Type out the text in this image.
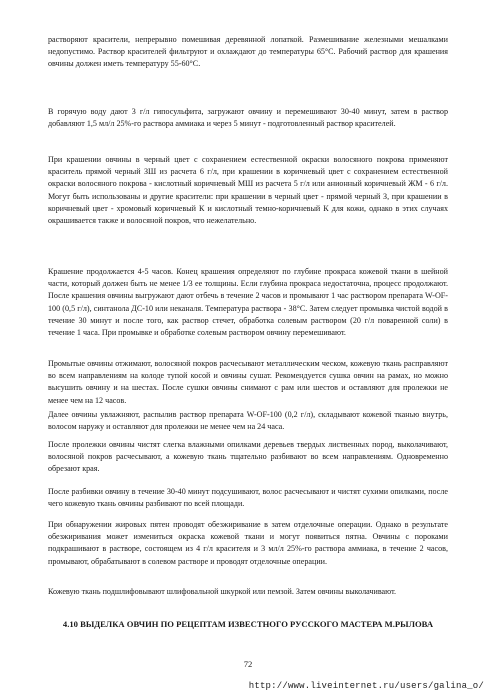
растворяют красители, непрерывно помешивая деревянной лопаткой. Размешивание железными мешалками недопустимо. Раствор красителей фильтруют и охлаждают до температуры 65°С. Рабочий раствор для крашения овчины должен иметь температуру 55-60°С.

В горячую воду дают 3 г/л гипосульфита, загружают овчину и перемешивают 30-40 минут, затем в раствор добавляют 1,5 мл/л 25%-го раствора аммиака и через 5 минут - подготовленный раствор красителей.

При крашении овчины в черный цвет с сохранением естественной окраски волосяного покрова применяют краситель прямой черный ЗШ из расчета 6 г/л, при крашении в коричневый цвет с сохранением естественной окраски волосяного покрова - кислотный коричневый МШ из расчета 5 г/л или анионный коричневый ЖМ - 6 г/л. Могут быть использованы и другие красители: при крашении в черный цвет - прямой черный З, при крашении в коричневый цвет - хромовый коричневый К и кислотный темно-коричневый К для кожи, однако в этих случаях окрашивается также и волосяной покров, что нежелательно.

Крашение продолжается 4-5 часов. Конец крашения определяют по глубине прокраса кожевой ткани в шейной части, который должен быть не менее 1/3 ее толщины. Если глубина прокраса недостаточна, процесс продолжают. После крашения овчины выгружают дают отбечь в течение 2 часов и промывают 1 час раствором препарата W-OF-100 (0,5 г/л), синтанола ДС-10 или неканаля. Температура раствора - 38°С. Затем следует промывка чистой водой в течение 30 минут и после того, как раствор стечет, обработка солевым раствором (20 г/л поваренной соли) в течение 1 часа. При промывке и обработке солевым раствором овчину перемешивают.

Промытые овчины отжимают, волосяной покров расчесывают металлическим ческом, кожевую ткань расправляют во всем направлениям на колоде тупой косой и овчины сушат. Рекомендуется сушка овчин на рамах, но можно высушить овчину и на шестах. После сушки овчины снимают с рам или шестов и оставляют для пролежки не менее чем на 12 часов.

Далее овчины увлажняют, распылив раствор препарата W-OF-100 (0,2 г/л), складывают кожевой тканью внутрь, волосом наружу и оставляют для пролежки не менее чем на 24 часа.

После пролежки овчины чистят слегка влажными опилками деревьев твердых лиственных пород, выколачивают, волосяной покров расчесывают, а кожевую ткань тщательно разбивают во всем направлениям. Одновременно обрезают края.

После разбивки овчину в течение 30-40 минут подсушивают, волос расчесывают и чистят сухими опилками, после чего кожевую ткань овчины разбивают по всей площади.

При обнаружении жировых пятен проводят обезжиривание в затем отделочные операции. Однако в результате обезжиривания может измениться окраска кожевой ткани и могут появиться пятна. Овчины с пороками подкрашивают в растворе, состоящем из 4 г/л красителя и 3 мл/л 25%-го раствора аммиака, в течение 2 часов, промывают, обрабатывают в солевом растворе и проводят отделочные операции.

Кожевую ткань подшлифовывают шлифовальной шкуркой или пемзой. Затем овчины выколачивают.

4.10 ВЫДЕЛКА ОВЧИН ПО РЕЦЕПТАМ ИЗВЕСТНОГО РУССКОГО МАСТЕРА М.РЫЛОВА
72
http://www.liveinternet.ru/users/galina_o/
